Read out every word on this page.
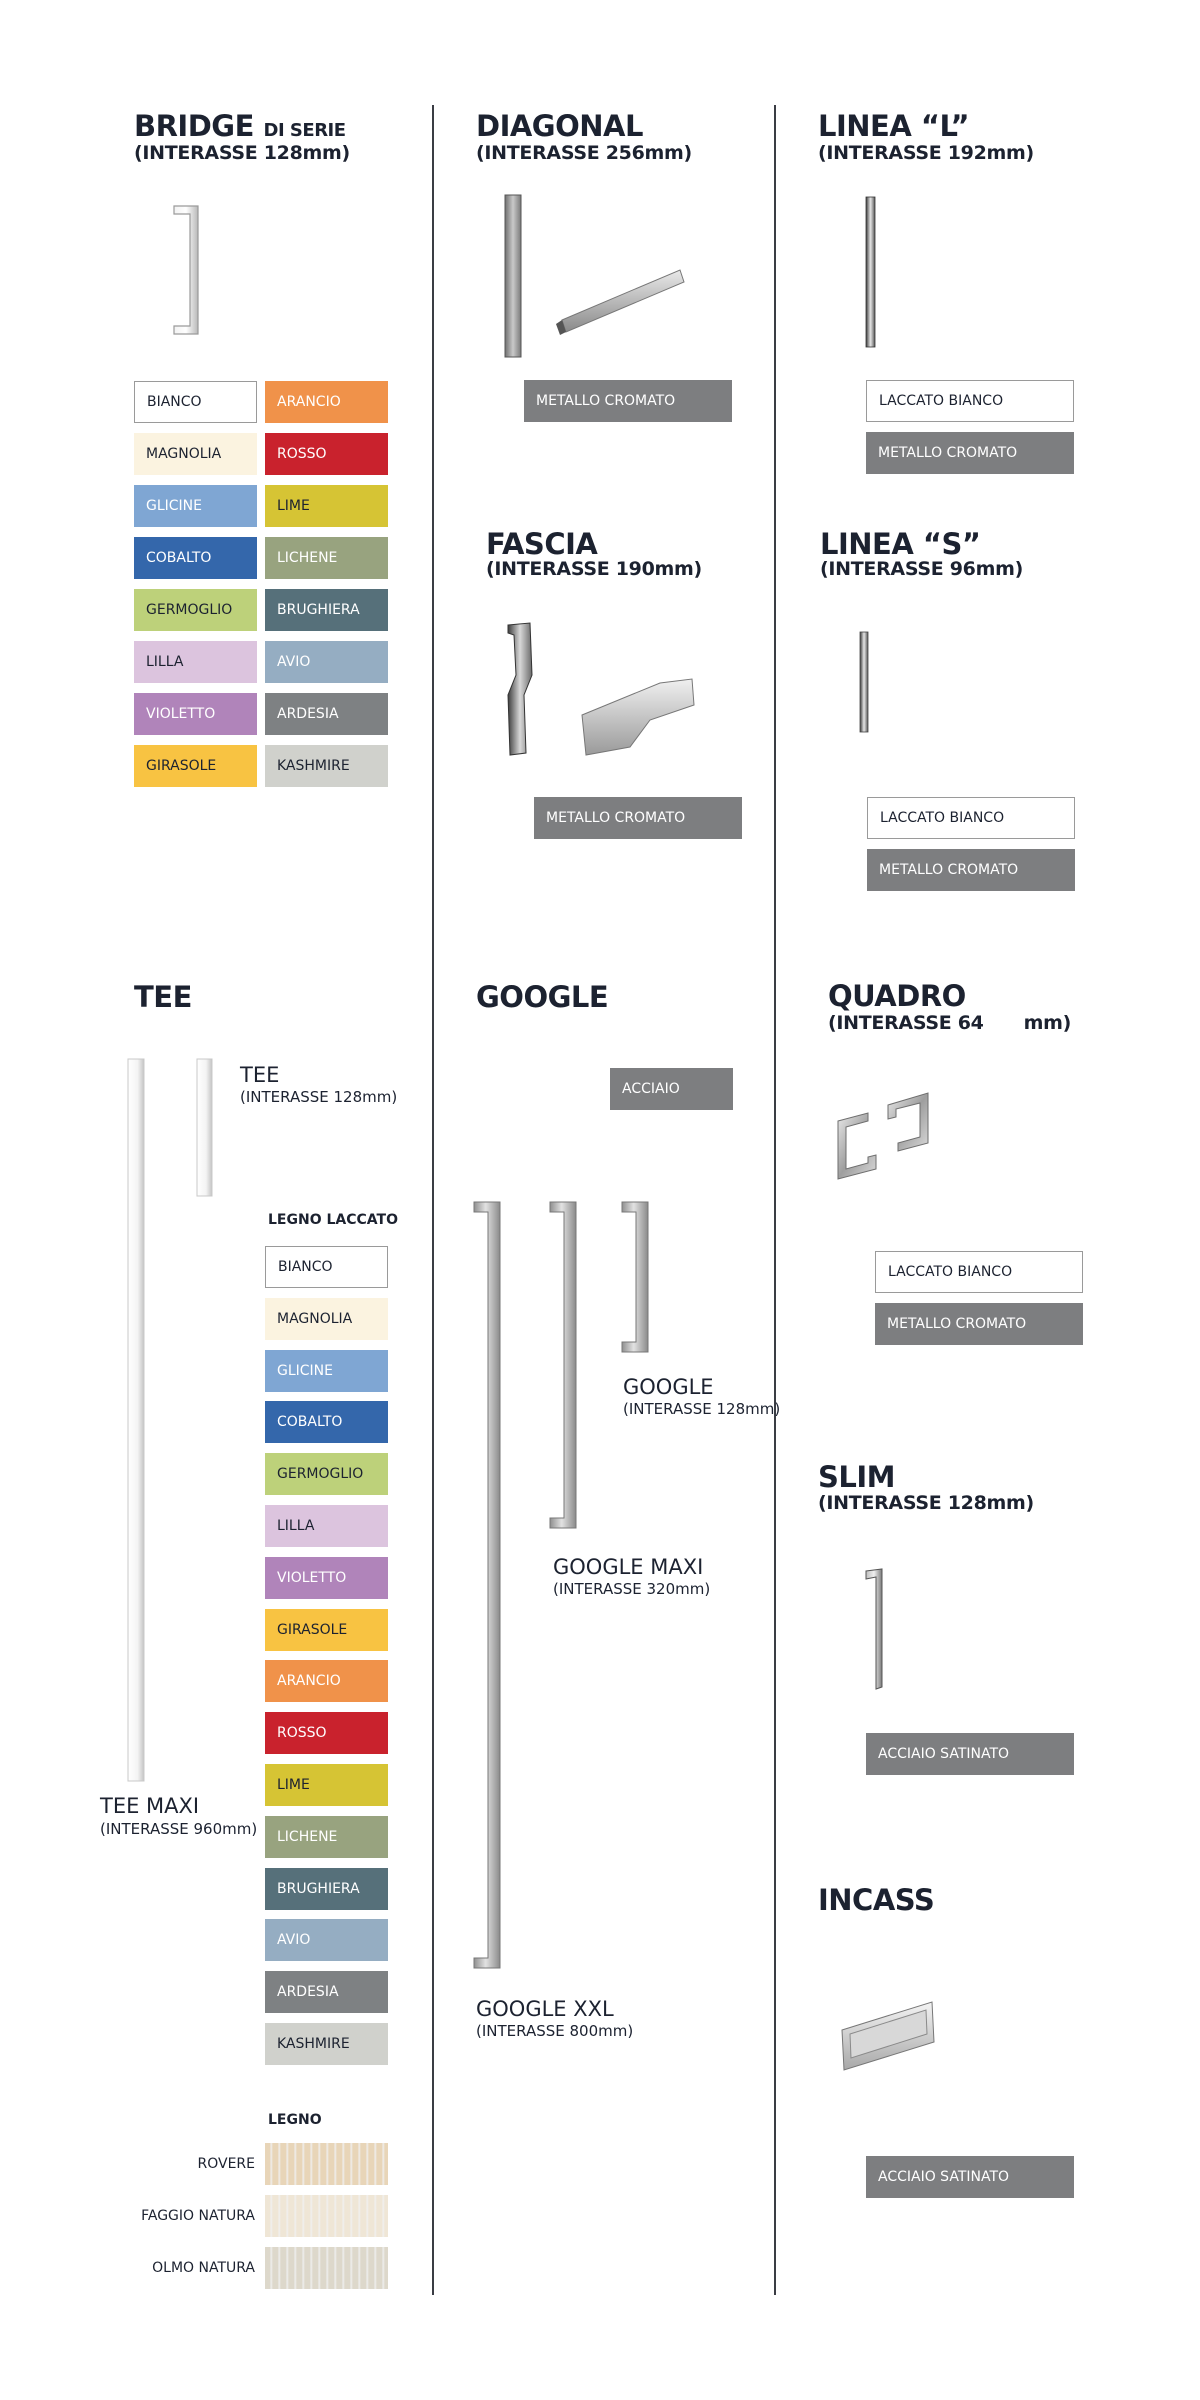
BRIDGE DI SERIE
(INTERASSE 128mm)
BIANCO	ARANCIO
MAGNOLIA	ROSSO
GLICINE	LIME
COBALTO	LICHENE
GERMOGLIO	BRUGHIERA
LILLA	AVIO
VIOLETTO	ARDESIA
GIRASOLE	KASHMIRE
DIAGONAL
(INTERASSE 256mm)
METALLO CROMATO
LINEA “L”
(INTERASSE 192mm)
LACCATO BIANCO
METALLO CROMATO
FASCIA
(INTERASSE 190mm)
METALLO CROMATO
LINEA “S”
(INTERASSE 96mm)
LACCATO BIANCO
METALLO CROMATO
TEE
TEE
(INTERASSE 128mm)
TEE MAXI
(INTERASSE 960mm)
LEGNO LACCATO
BIANCO
MAGNOLIA
GLICINE
COBALTO
GERMOGLIO
LILLA
VIOLETTO
GIRASOLE
ARANCIO
ROSSO
LIME
LICHENE
BRUGHIERA
AVIO
ARDESIA
KASHMIRE
LEGNO
ROVERE
FAGGIO NATURA
OLMO NATURA
GOOGLE
ACCIAIO
GOOGLE
(INTERASSE 128mm)
GOOGLE MAXI
(INTERASSE 320mm)
GOOGLE XXL
(INTERASSE 800mm)
QUADRO
(INTERASSE 64 mm)
LACCATO BIANCO
METALLO CROMATO
SLIM
(INTERASSE 128mm)
ACCIAIO SATINATO
INCASS
ACCIAIO SATINATO
